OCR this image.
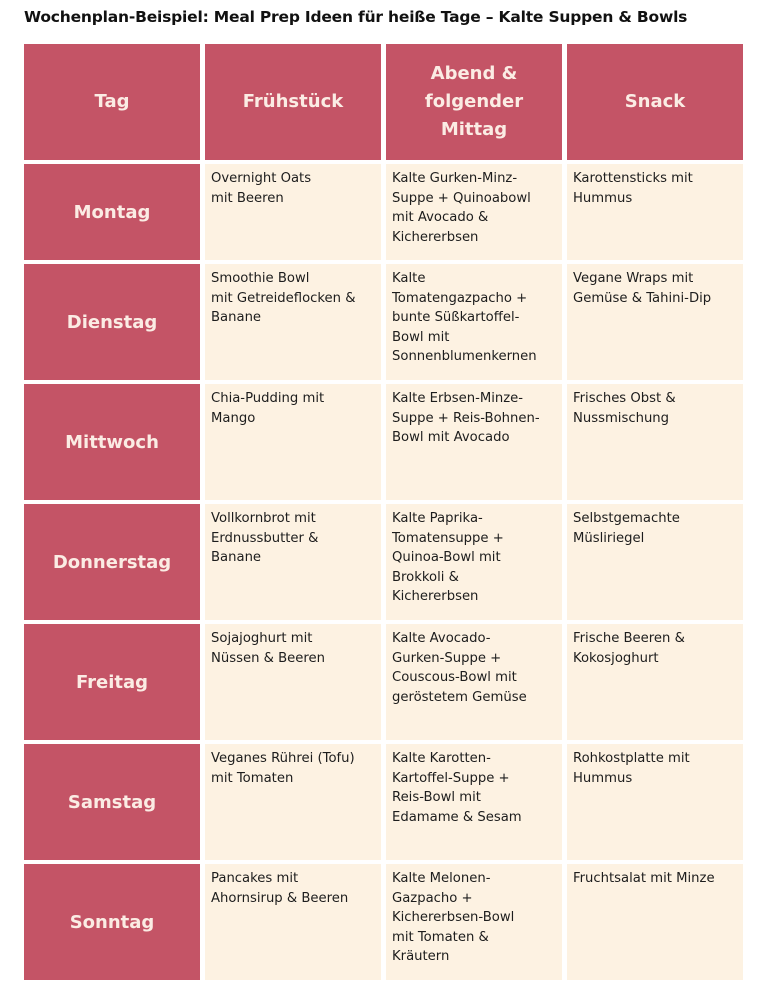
Wochenplan-Beispiel: Meal Prep Ideen für heiße Tage – Kalte Suppen & Bowls
Tag	Frühstück
Abend &
folgender
Mittag
Snack
Montag
Overnight Oats
mit Beeren
Kalte Gurken-Minz-
Suppe + Quinoabowl
mit Avocado &
Kichererbsen
Karottensticks mit
Hummus
Dienstag
Smoothie Bowl
mit Getreideflocken &
Banane
Kalte
Tomatengazpacho +
bunte Süßkartoffel-
Bowl mit
Sonnenblumenkernen
Vegane Wraps mit
Gemüse & Tahini-Dip
Mittwoch
Chia-Pudding mit
Mango
Kalte Erbsen-Minze-
Suppe + Reis-Bohnen-
Bowl mit Avocado
Frisches Obst &
Nussmischung
Donnerstag
Vollkornbrot mit
Erdnussbutter &
Banane
Kalte Paprika-
Tomatensuppe +
Quinoa-Bowl mit
Brokkoli &
Kichererbsen
Selbstgemachte
Müsliriegel
Freitag
Sojajoghurt mit
Nüssen & Beeren
Kalte Avocado-
Gurken-Suppe +
Couscous-Bowl mit
geröstetem Gemüse
Frische Beeren &
Kokosjoghurt
Samstag
Veganes Rührei (Tofu)
mit Tomaten
Kalte Karotten-
Kartoffel-Suppe +
Reis-Bowl mit
Edamame & Sesam
Rohkostplatte mit
Hummus
Sonntag
Pancakes mit
Ahornsirup & Beeren
Kalte Melonen-
Gazpacho +
Kichererbsen-Bowl
mit Tomaten &
Kräutern
Fruchtsalat mit Minze
